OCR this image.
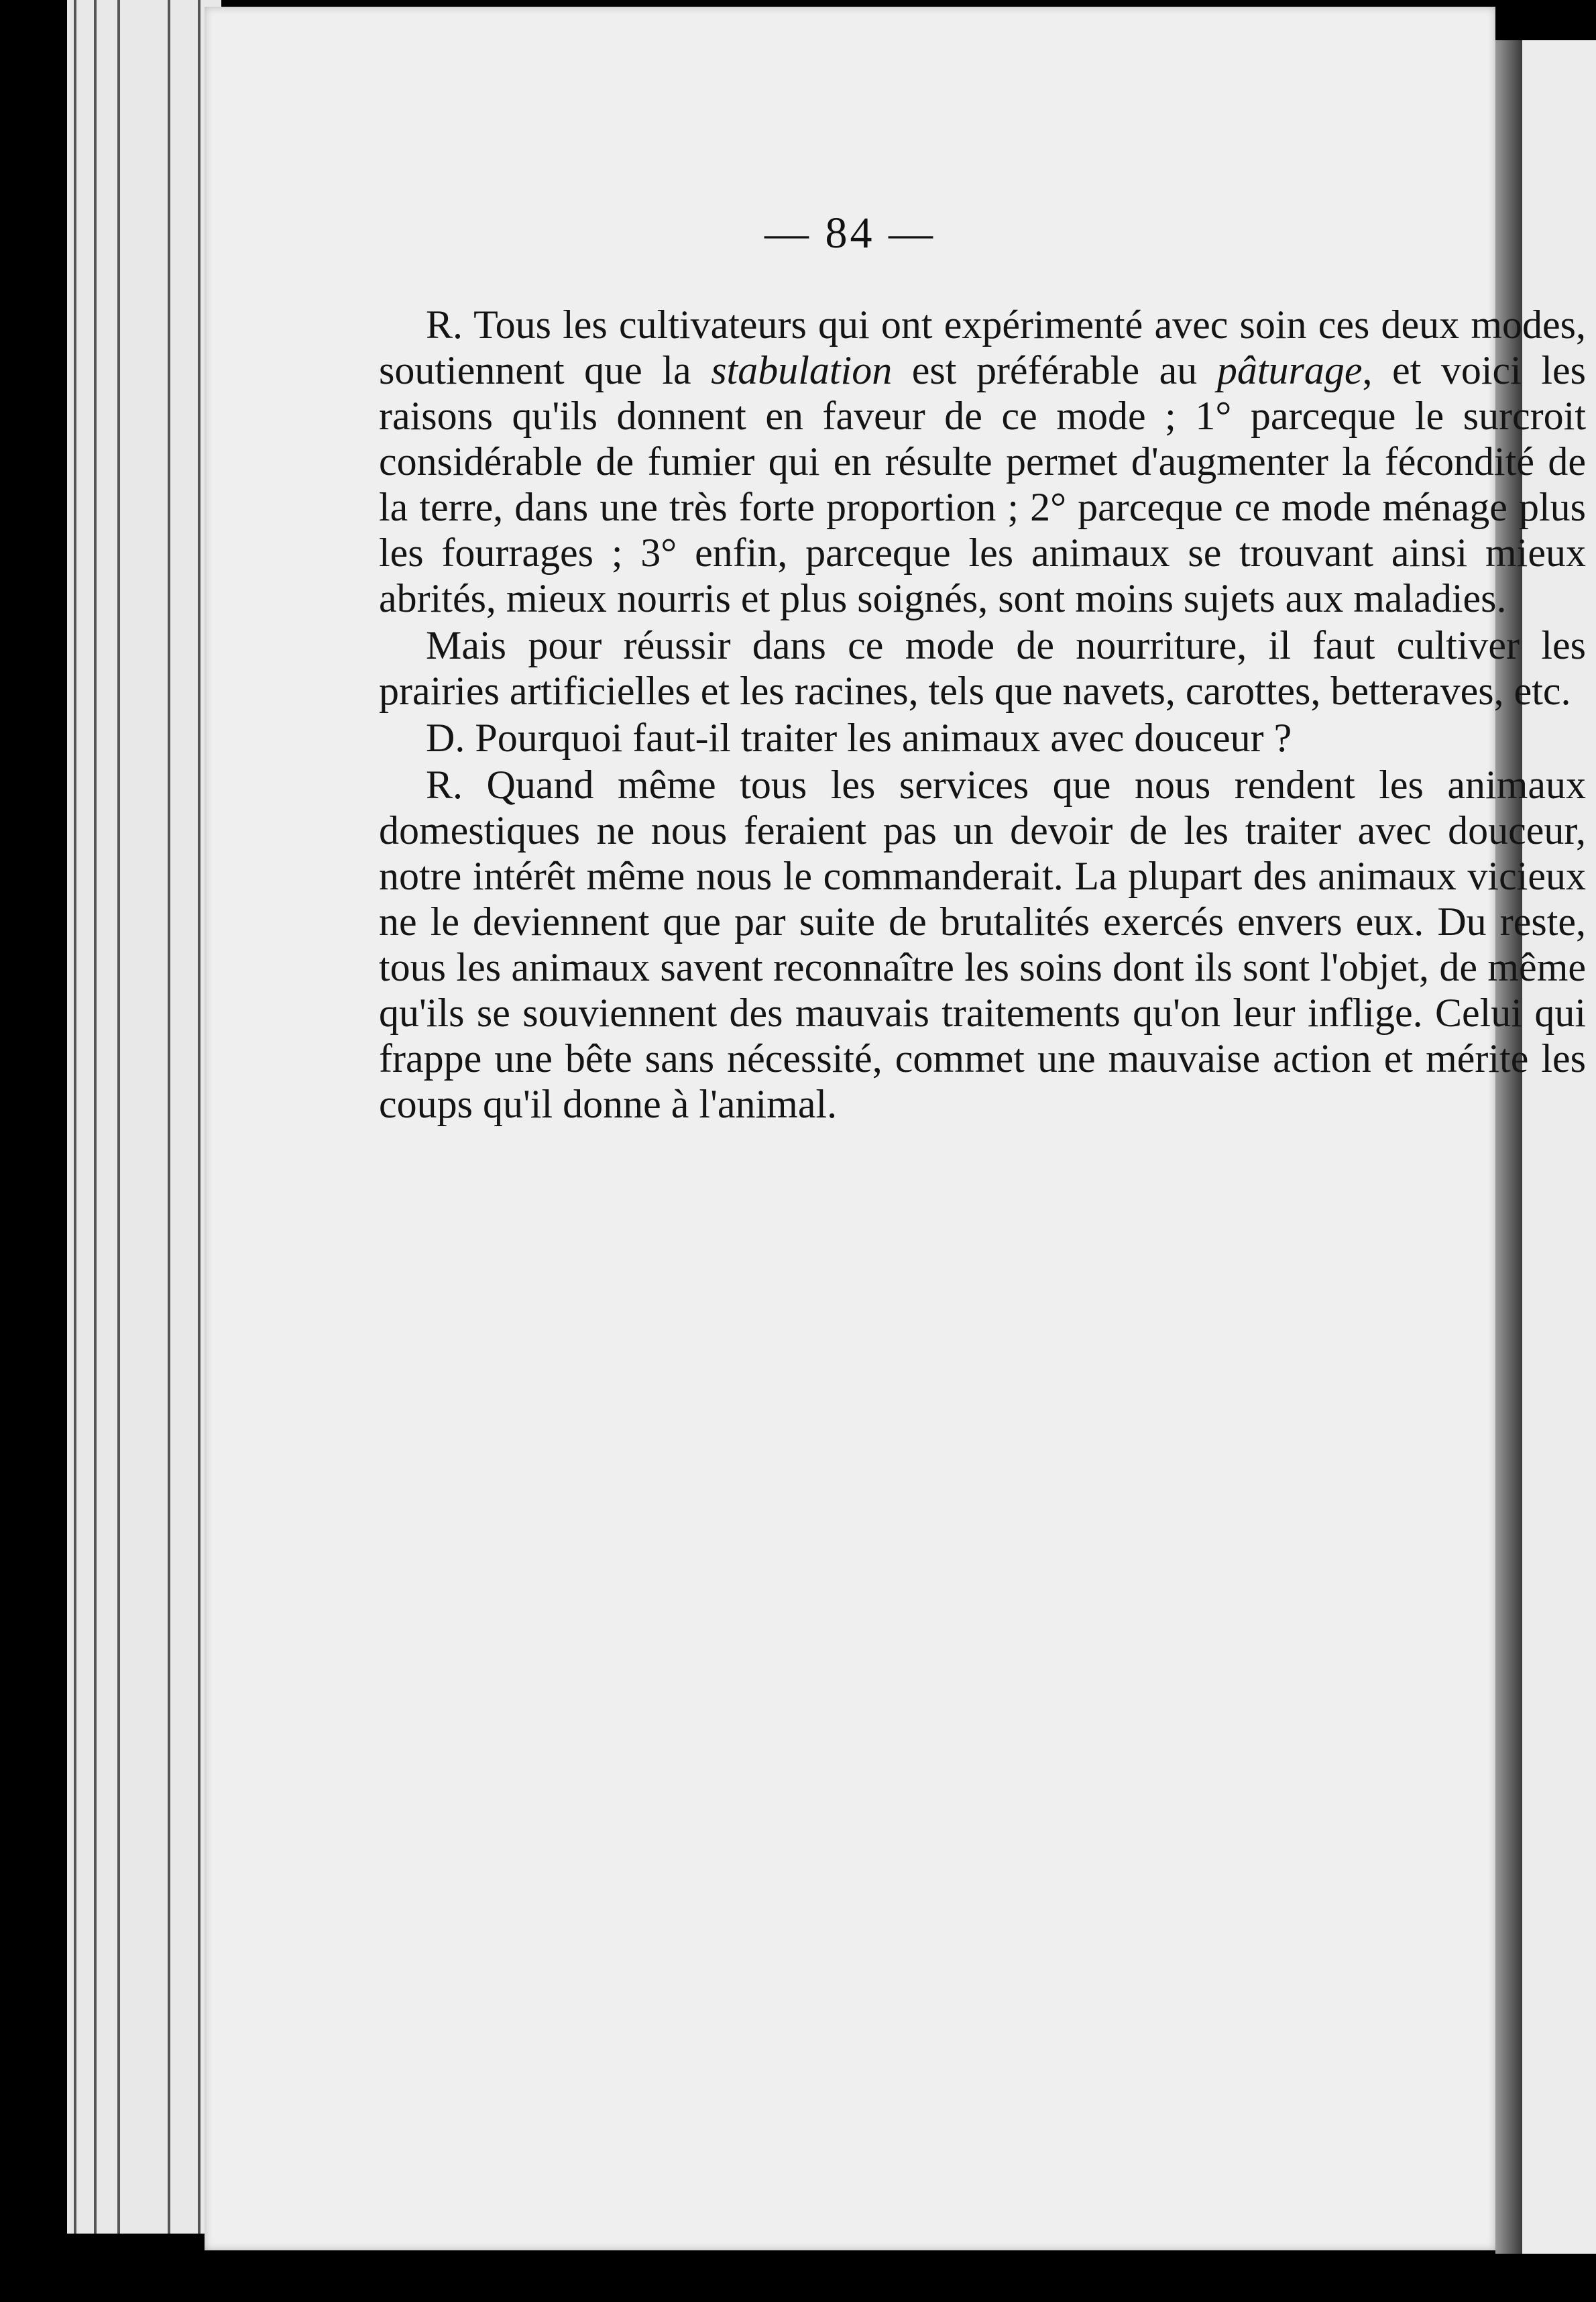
— 84 —

R. Tous les cultivateurs qui ont expérimenté avec soin ces deux modes, soutiennent que la stabulation est préférable au pâturage, et voici les raisons qu'ils donnent en faveur de ce mode ; 1° parceque le surcroit considérable de fumier qui en résulte permet d'augmenter la fécondité de la terre, dans une très forte proportion ; 2° parceque ce mode ménage plus les fourrages ; 3° enfin, parceque les animaux se trouvant ainsi mieux abrités, mieux nourris et plus soignés, sont moins sujets aux maladies.

Mais pour réussir dans ce mode de nourriture, il faut cultiver les prairies artificielles et les racines, tels que navets, carottes, betteraves, etc.

D. Pourquoi faut-il traiter les animaux avec douceur ?

R. Quand même tous les services que nous rendent les animaux domestiques ne nous feraient pas un devoir de les traiter avec douceur, notre intérêt même nous le commanderait. La plupart des animaux vicieux ne le deviennent que par suite de brutalités exercés envers eux. Du reste, tous les animaux savent reconnaître les soins dont ils sont l'objet, de même qu'ils se souviennent des mauvais traitements qu'on leur inflige. Celui qui frappe une bête sans nécessité, commet une mauvaise action et mérite les coups qu'il donne à l'animal.
